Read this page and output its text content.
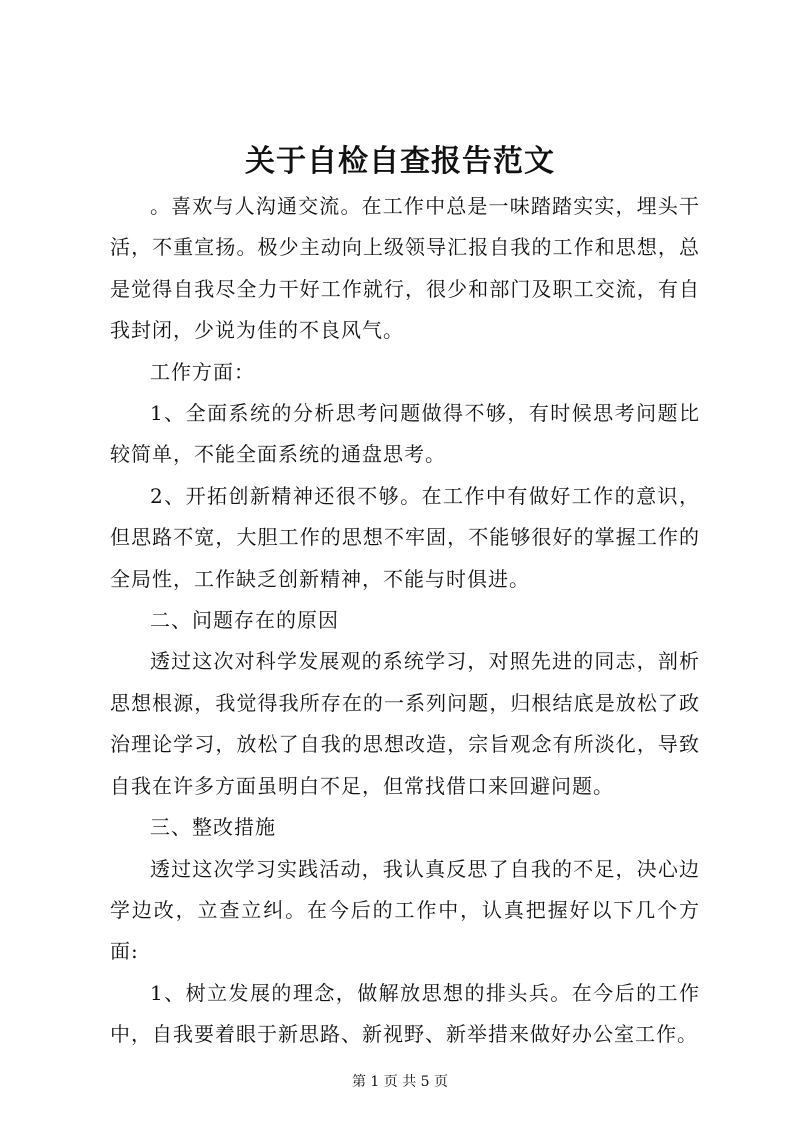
关于自检自查报告范文

。喜欢与人沟通交流。在工作中总是一味踏踏实实，埋头干活，不重宣扬。极少主动向上级领导汇报自我的工作和思想，总是觉得自我尽全力干好工作就行，很少和部门及职工交流，有自我封闭，少说为佳的不良风气。

工作方面：

1、全面系统的分析思考问题做得不够，有时候思考问题比较简单，不能全面系统的通盘思考。

2、开拓创新精神还很不够。在工作中有做好工作的意识，但思路不宽，大胆工作的思想不牢固，不能够很好的掌握工作的全局性，工作缺乏创新精神，不能与时俱进。

二、问题存在的原因

透过这次对科学发展观的系统学习，对照先进的同志，剖析思想根源，我觉得我所存在的一系列问题，归根结底是放松了政治理论学习，放松了自我的思想改造，宗旨观念有所淡化，导致自我在许多方面虽明白不足，但常找借口来回避问题。

三、整改措施

透过这次学习实践活动，我认真反思了自我的不足，决心边学边改，立查立纠。在今后的工作中，认真把握好以下几个方面:

1、树立发展的理念，做解放思想的排头兵。在今后的工作中，自我要着眼于新思路、新视野、新举措来做好办公室工作。

第 1 页 共 5 页
